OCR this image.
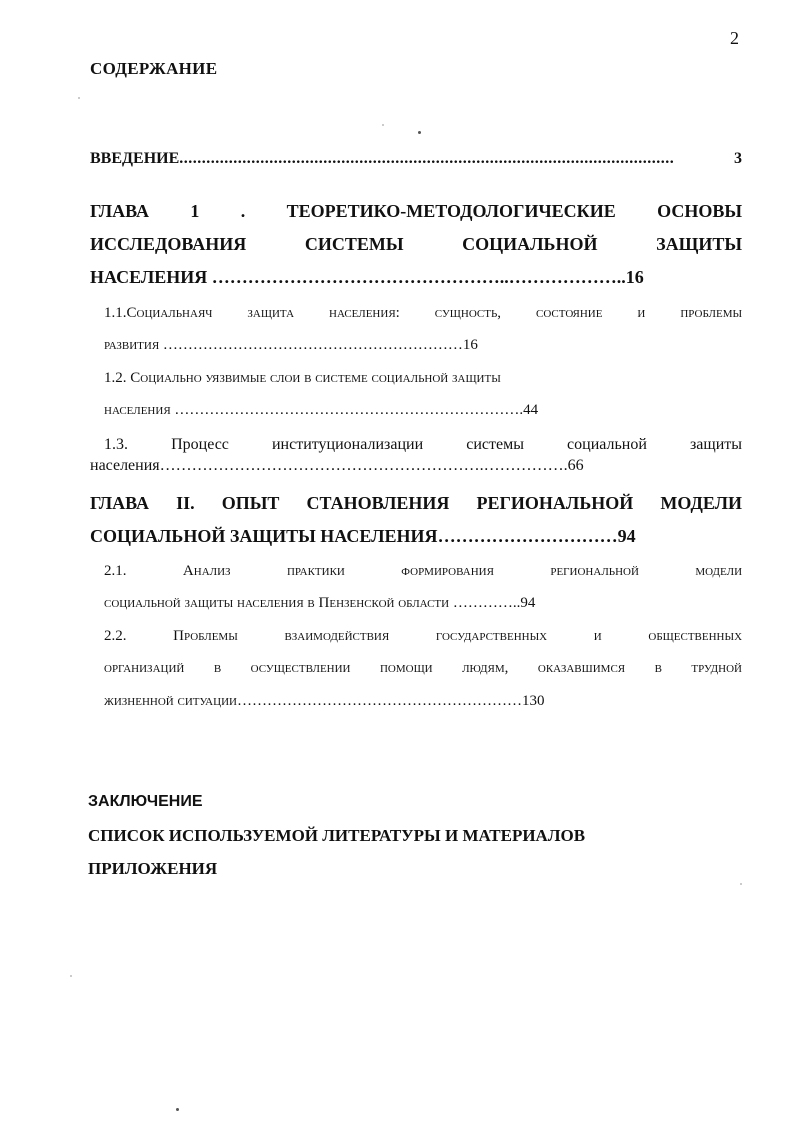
2
СОДЕРЖАНИЕ
ВВЕДЕНИЕ..............................................................................................................	3
ГЛАВА 1 . ТЕОРЕТИКО-МЕТОДОЛОГИЧЕСКИЕ ОСНОВЫ
ИССЛЕДОВАНИЯ	СИСТЕМЫ	СОЦИАЛЬНОЙ	ЗАЩИТЫ
НАСЕЛЕНИЯ …………………………………………..………………..16
1.1.Социальнаяч защита населения: сущность, состояние и проблемы
развития ……………………………………………………16
1.2. Социально уязвимые слои в системе социальной защиты
населения …………………………………………………………….44
1.3.	Процесс	институционализации	системы	социальной	защиты
населения…………………………………………………….…………….66
ГЛАВА II. ОПЫТ СТАНОВЛЕНИЯ РЕГИОНАЛЬНОЙ МОДЕЛИ
СОЦИАЛЬНОЙ ЗАЩИТЫ НАСЕЛЕНИЯ…………………………94
2.1.	Анализ	практики	формирования	региональной	модели
социальной защиты населения в Пензенской области …………..94
2.2.	Проблемы	взаимодействия	государственных	и	общественных
организаций в осуществлении помощи людям, оказавшимся в трудной
жизненной ситуации…………………………………………………130
ЗАКЛЮЧЕНИЕ
СПИСОК ИСПОЛЬЗУЕМОЙ ЛИТЕРАТУРЫ И МАТЕРИАЛОВ
ПРИЛОЖЕНИЯ
